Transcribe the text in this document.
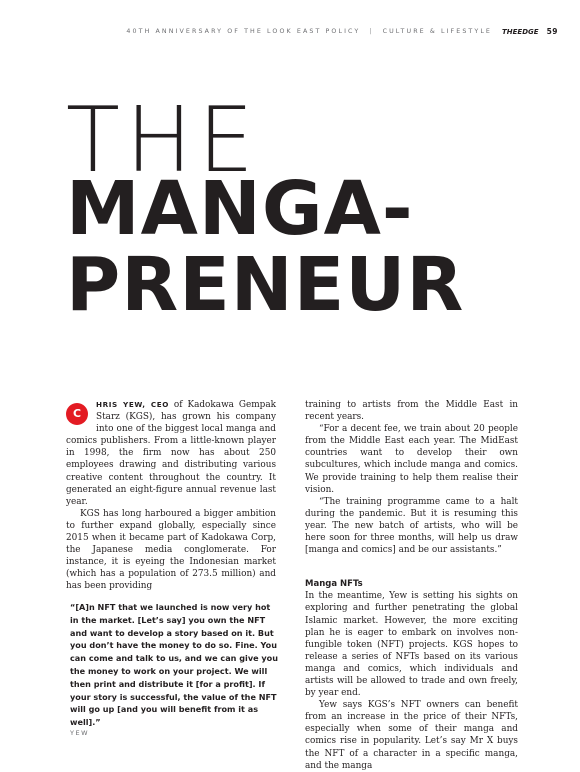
40TH ANNIVERSARY OF THE LOOK EAST POLICY | CULTURE & LIFESTYLE THEEDGE 59
THE
MANGA-
PRENEUR

C
HRIS YEW, CEO of Kadokawa Gempak Starz (KGS), has grown his company into one of the biggest local manga and comics publishers. From a little-known player in 1998, the firm now has about 250 employees drawing and distributing various creative content throughout the country. It generated an eight-figure annual revenue last year.

KGS has long harboured a bigger ambition to further expand globally, especially since 2015 when it became part of Kadokawa Corp, the Japanese media conglomerate. For instance, it is eyeing the Indonesian market (which has a population of 273.5 million) and has been providing

“[A]n NFT that we launched is now very hot in the market. [Let’s say] you own the NFT and want to develop a story based on it. But you don’t have the money to do so. Fine. You can come and talk to us, and we can give you the money to work on your project. We will then print and distribute it [for a profit]. If your story is successful, the value of the NFT will go up [and you will benefit from it as well].”

YEW

training to artists from the Middle East in recent years.

“For a decent fee, we train about 20 people from the Middle East each year. The MidEast countries want to develop their own subcultures, which include manga and comics. We provide training to help them realise their vision.

“The training programme came to a halt during the pandemic. But it is resuming this year. The new batch of artists, who will be here soon for three months, will help us draw [manga and comics] and be our assistants.”

Manga NFTs

In the meantime, Yew is setting his sights on exploring and further penetrating the global Islamic market. However, the more exciting plan he is eager to embark on involves non-fungible token (NFT) projects. KGS hopes to release a series of NFTs based on its various manga and comics, which individuals and artists will be allowed to trade and own freely, by year end.

Yew says KGS’s NFT owners can benefit from an increase in the price of their NFTs, especially when some of their manga and comics rise in popularity. Let’s say Mr X buys the NFT of a character in a specific manga, and the manga
